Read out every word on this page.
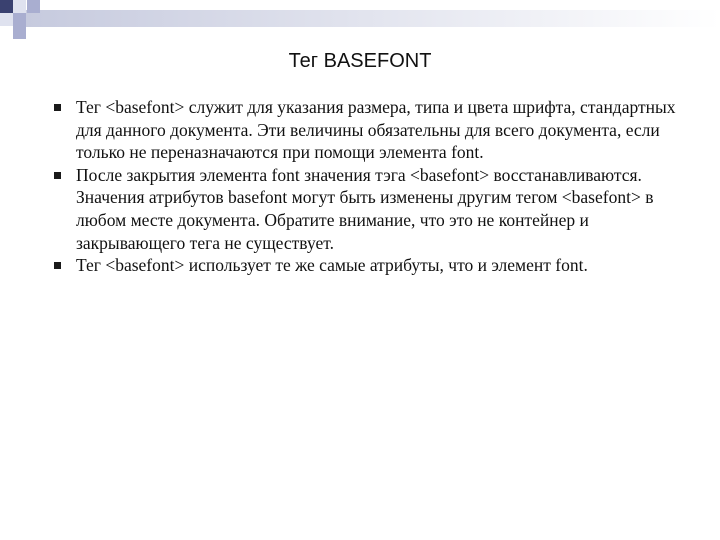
Тег BASEFONT
Тег <basefont> служит для указания размера, типа и цвета шрифта, стандартных для данного документа. Эти величины обязательны для всего документа, если только не переназначаются при помощи элемента font.
После закрытия элемента font значения тэга <basefont> восстанавливаются. Значения атрибутов basefont могут быть изменены другим тегом <basefont> в любом месте документа. Обратите внимание, что это не контейнер и закрывающего тега не существует.
Тег <basefont> использует те же самые атрибуты, что и элемент font.
